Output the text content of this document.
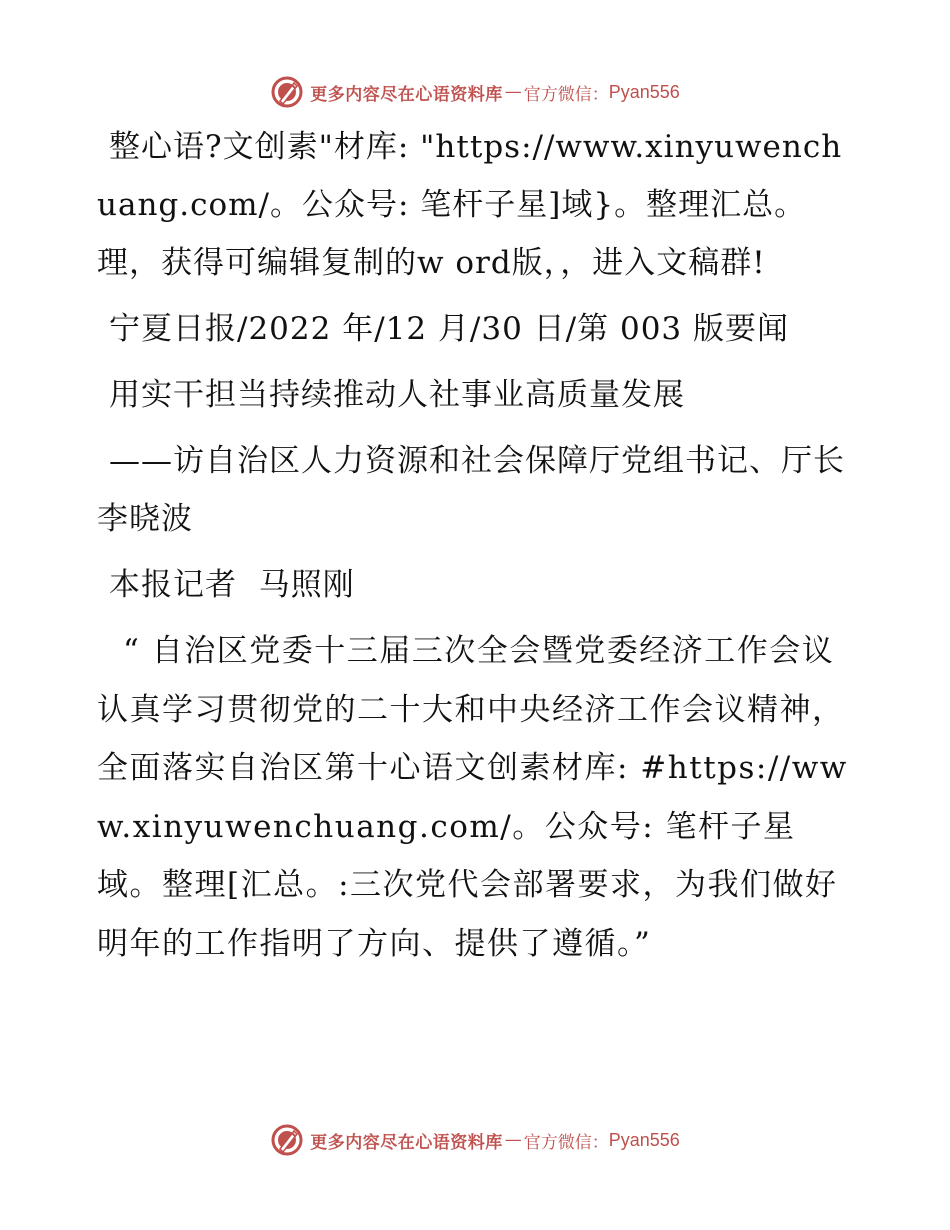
更多内容尽在心语资料库 — 官方微信： Pyan556

整心语?文创素"材库: "https://www.xinyuwenchuang.com/。公众号: 笔杆子星]域}。整理汇总。理，获得可编辑复制的w ord版，，进入文稿群!

宁夏日报/2022 年/12 月/30 日/第 003 版要闻

用实干担当持续推动人社事业高质量发展

——访自治区人力资源和社会保障厅党组书记、厅长李晓波

本报记者  马照刚

“ 自治区党委十三届三次全会暨党委经济工作会议认真学习贯彻党的二十大和中央经济工作会议精神，全面落实自治区第十心语文创素材库: #https://www.xinyuwenchuang.com/。公众号: 笔杆子星域。整理[汇总。:三次党代会部署要求，为我们做好明年的工作指明了方向、提供了遵循。”

更多内容尽在心语资料库 — 官方微信： Pyan556
